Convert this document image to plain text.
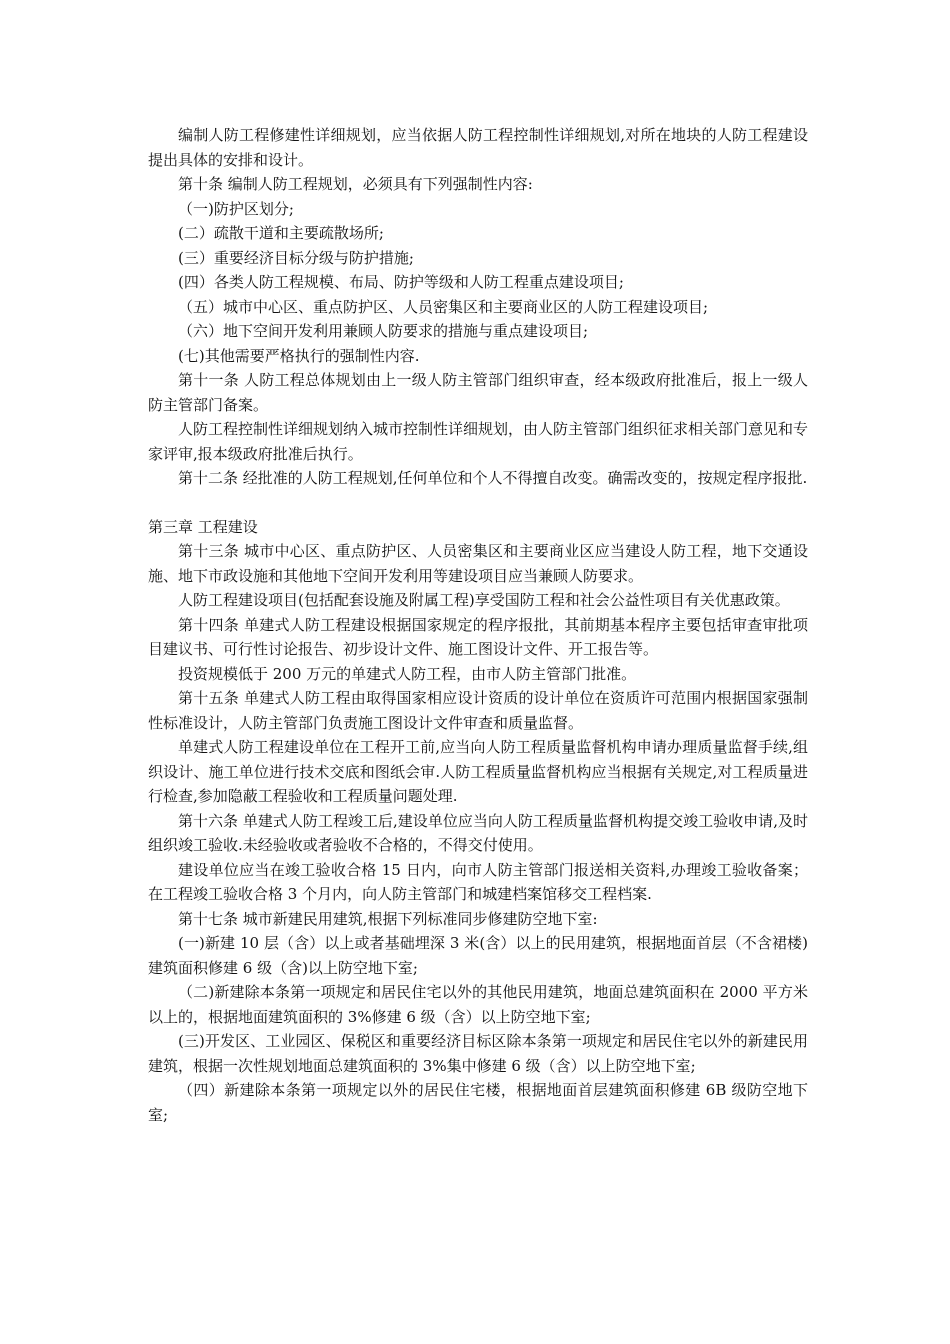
编制人防工程修建性详细规划，应当依据人防工程控制性详细规划,对所在地块的人防工程建设提出具体的安排和设计。

第十条 编制人防工程规划，必须具有下列强制性内容:

（一)防护区划分;

(二）疏散干道和主要疏散场所;

(三）重要经济目标分级与防护措施;

(四）各类人防工程规模、布局、防护等级和人防工程重点建设项目;

（五）城市中心区、重点防护区、人员密集区和主要商业区的人防工程建设项目;

（六）地下空间开发利用兼顾人防要求的措施与重点建设项目;

(七)其他需要严格执行的强制性内容.

第十一条 人防工程总体规划由上一级人防主管部门组织审查，经本级政府批准后，报上一级人防主管部门备案。

人防工程控制性详细规划纳入城市控制性详细规划，由人防主管部门组织征求相关部门意见和专家评审,报本级政府批准后执行。

第十二条 经批准的人防工程规划,任何单位和个人不得擅自改变。确需改变的，按规定程序报批.

第三章 工程建设

第十三条 城市中心区、重点防护区、人员密集区和主要商业区应当建设人防工程，地下交通设施、地下市政设施和其他地下空间开发利用等建设项目应当兼顾人防要求。

人防工程建设项目(包括配套设施及附属工程)享受国防工程和社会公益性项目有关优惠政策。

第十四条 单建式人防工程建设根据国家规定的程序报批，其前期基本程序主要包括审查审批项目建议书、可行性讨论报告、初步设计文件、施工图设计文件、开工报告等。

投资规模低于 200 万元的单建式人防工程，由市人防主管部门批准。

第十五条 单建式人防工程由取得国家相应设计资质的设计单位在资质许可范围内根据国家强制性标准设计，人防主管部门负责施工图设计文件审查和质量监督。

单建式人防工程建设单位在工程开工前,应当向人防工程质量监督机构申请办理质量监督手续,组织设计、施工单位进行技术交底和图纸会审.人防工程质量监督机构应当根据有关规定,对工程质量进行检查,参加隐蔽工程验收和工程质量问题处理.

第十六条 单建式人防工程竣工后,建设单位应当向人防工程质量监督机构提交竣工验收申请,及时组织竣工验收.未经验收或者验收不合格的，不得交付使用。

建设单位应当在竣工验收合格 15 日内，向市人防主管部门报送相关资料,办理竣工验收备案；在工程竣工验收合格 3 个月内，向人防主管部门和城建档案馆移交工程档案.

第十七条 城市新建民用建筑,根据下列标准同步修建防空地下室:

(一)新建 10 层（含）以上或者基础埋深 3 米(含）以上的民用建筑，根据地面首层（不含裙楼)建筑面积修建 6 级（含)以上防空地下室;

（二)新建除本条第一项规定和居民住宅以外的其他民用建筑，地面总建筑面积在 2000 平方米以上的，根据地面建筑面积的 3%修建 6 级（含）以上防空地下室;

(三)开发区、工业园区、保税区和重要经济目标区除本条第一项规定和居民住宅以外的新建民用建筑，根据一次性规划地面总建筑面积的 3%集中修建 6 级（含）以上防空地下室;

（四）新建除本条第一项规定以外的居民住宅楼，根据地面首层建筑面积修建 6B 级防空地下室;
